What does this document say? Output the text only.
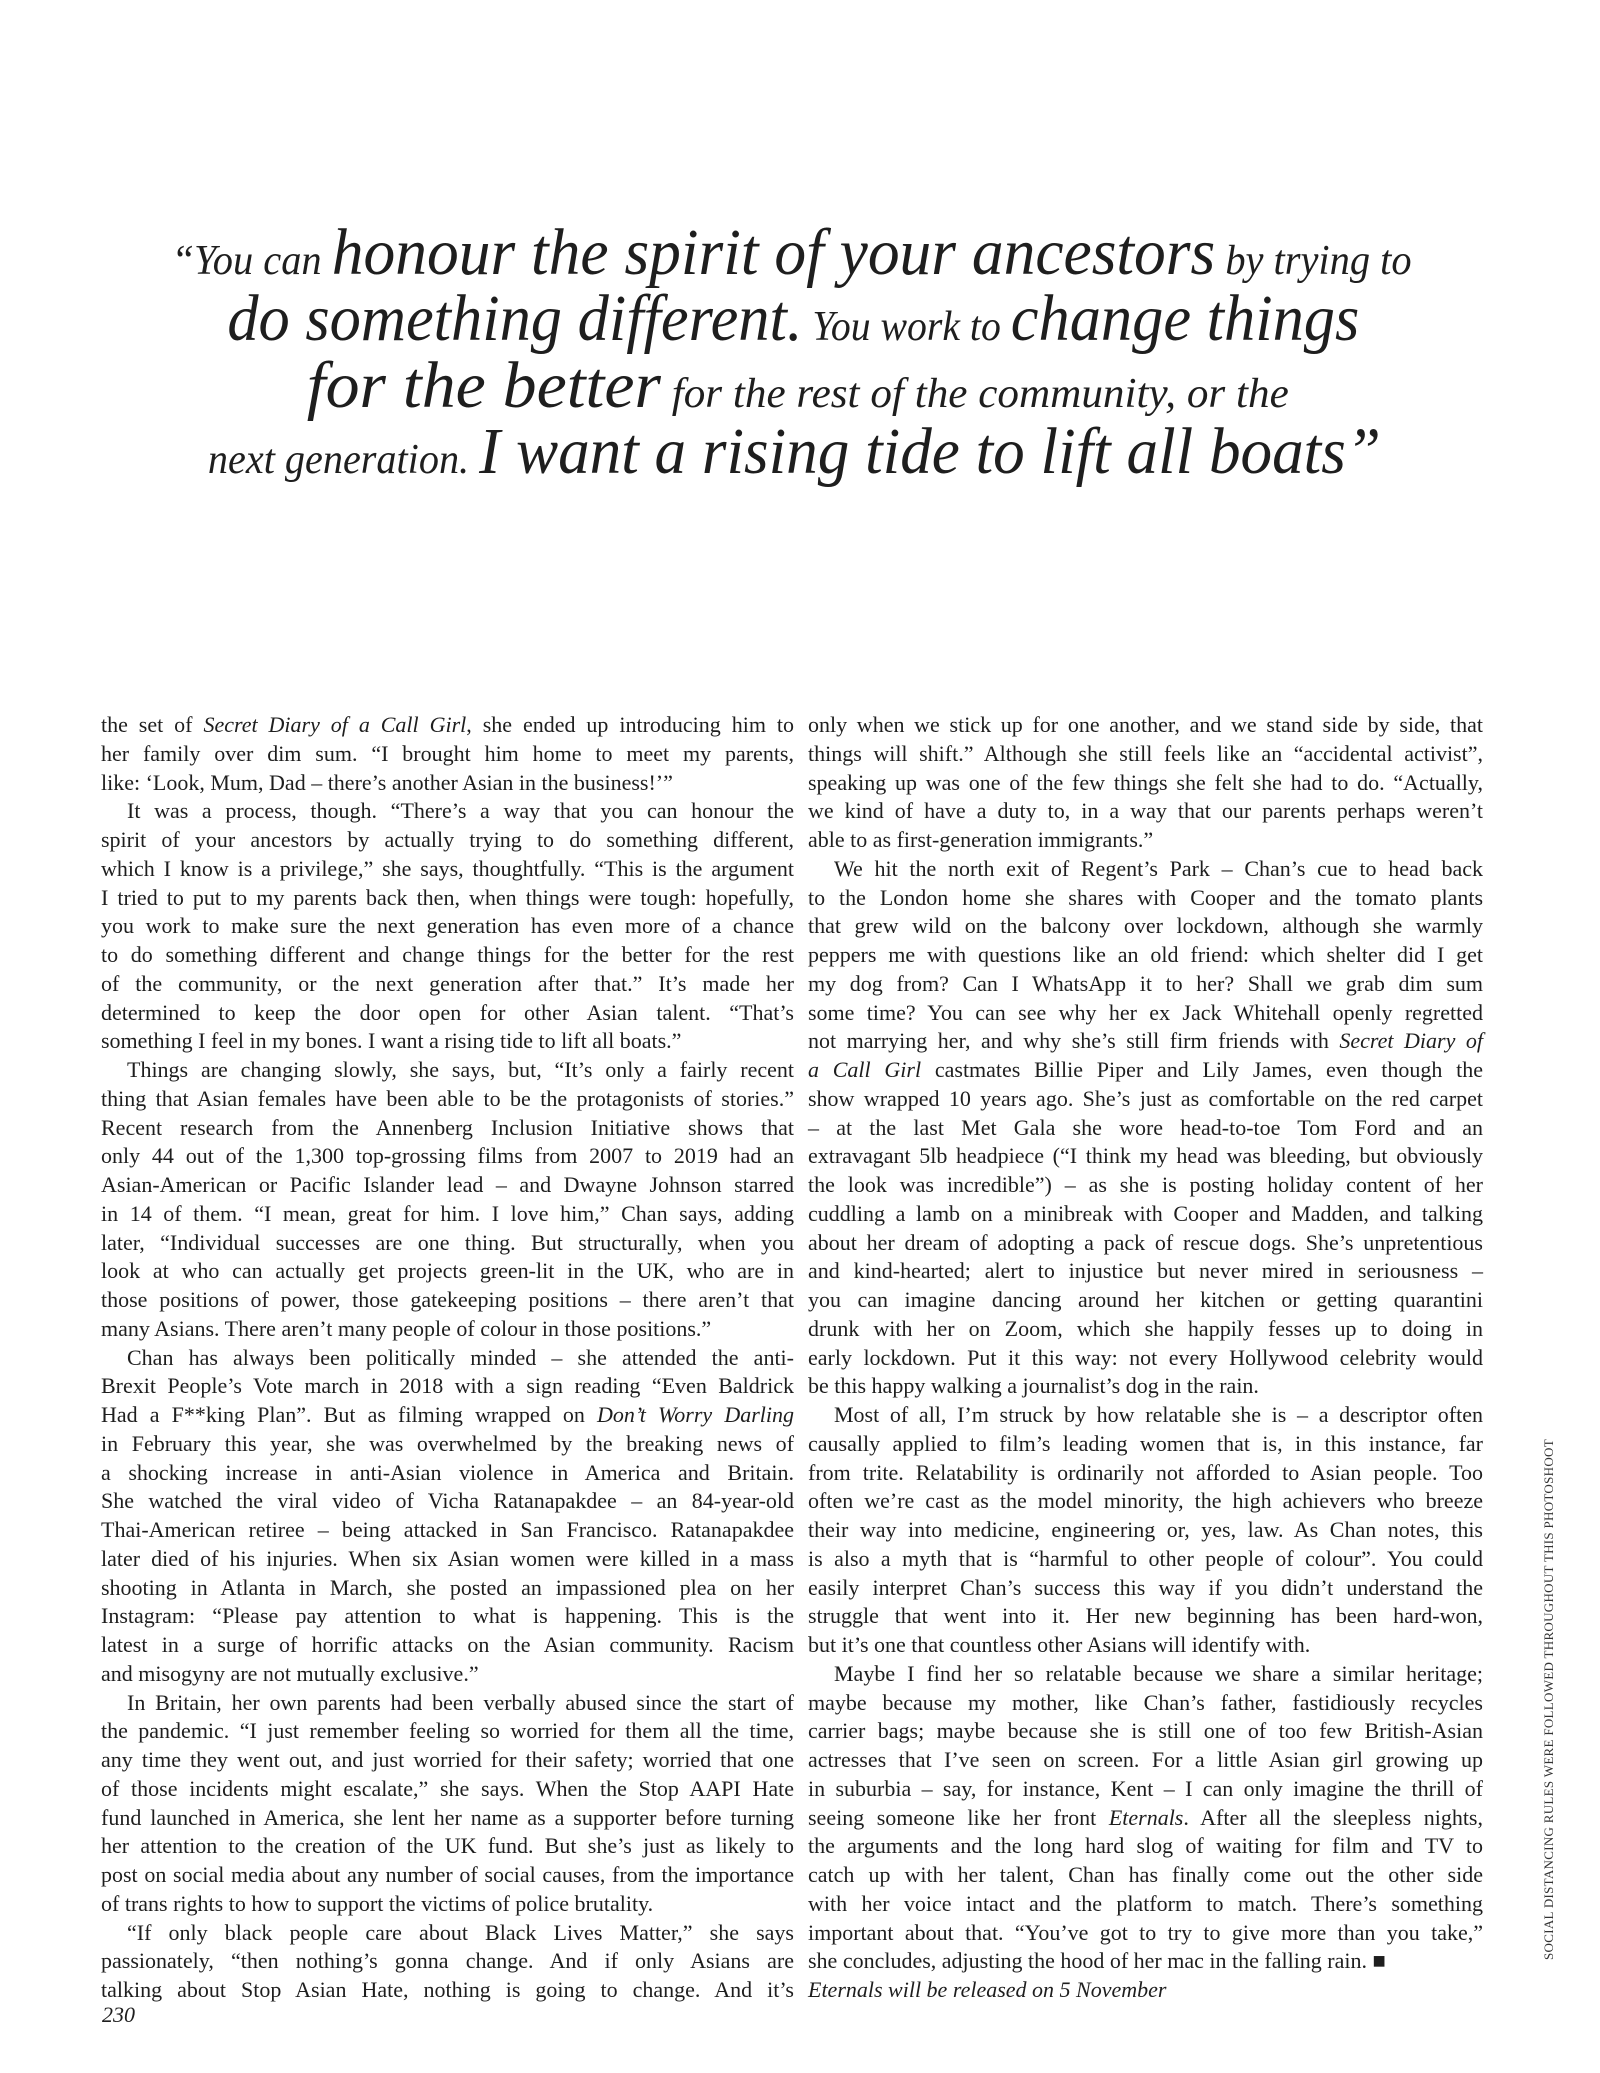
“You can honour the spirit of your ancestors by trying to
do something different. You work to change things
for the better for the rest of the community, or the
next generation. I want a rising tide to lift all boats”
the set of Secret Diary of a Call Girl, she ended up introducing him to
her family over dim sum. “I brought him home to meet my parents,
like: ‘Look, Mum, Dad – there’s another Asian in the business!’”
It was a process, though. “There’s a way that you can honour the
spirit of your ancestors by actually trying to do something different,
which I know is a privilege,” she says, thoughtfully. “This is the argument
I tried to put to my parents back then, when things were tough: hopefully,
you work to make sure the next generation has even more of a chance
to do something different and change things for the better for the rest
of the community, or the next generation after that.” It’s made her
determined to keep the door open for other Asian talent. “That’s
something I feel in my bones. I want a rising tide to lift all boats.”
Things are changing slowly, she says, but, “It’s only a fairly recent
thing that Asian females have been able to be the protagonists of stories.”
Recent research from the Annenberg Inclusion Initiative shows that
only 44 out of the 1,300 top-grossing films from 2007 to 2019 had an
Asian-American or Pacific Islander lead – and Dwayne Johnson starred
in 14 of them. “I mean, great for him. I love him,” Chan says, adding
later, “Individual successes are one thing. But structurally, when you
look at who can actually get projects green-lit in the UK, who are in
those positions of power, those gatekeeping positions – there aren’t that
many Asians. There aren’t many people of colour in those positions.”
Chan has always been politically minded – she attended the anti-
Brexit People’s Vote march in 2018 with a sign reading “Even Baldrick
Had a F**king Plan”. But as filming wrapped on Don’t Worry Darling
in February this year, she was overwhelmed by the breaking news of
a shocking increase in anti-Asian violence in America and Britain.
She watched the viral video of Vicha Ratanapakdee – an 84-year-old
Thai-American retiree – being attacked in San Francisco. Ratanapakdee
later died of his injuries. When six Asian women were killed in a mass
shooting in Atlanta in March, she posted an impassioned plea on her
Instagram: “Please pay attention to what is happening. This is the
latest in a surge of horrific attacks on the Asian community. Racism
and misogyny are not mutually exclusive.”
In Britain, her own parents had been verbally abused since the start of
the pandemic. “I just remember feeling so worried for them all the time,
any time they went out, and just worried for their safety; worried that one
of those incidents might escalate,” she says. When the Stop AAPI Hate
fund launched in America, she lent her name as a supporter before turning
her attention to the creation of the UK fund. But she’s just as likely to
post on social media about any number of social causes, from the importance
of trans rights to how to support the victims of police brutality.
“If only black people care about Black Lives Matter,” she says
passionately, “then nothing’s gonna change. And if only Asians are
talking about Stop Asian Hate, nothing is going to change. And it’s
only when we stick up for one another, and we stand side by side, that
things will shift.” Although she still feels like an “accidental activist”,
speaking up was one of the few things she felt she had to do. “Actually,
we kind of have a duty to, in a way that our parents perhaps weren’t
able to as first-generation immigrants.”
We hit the north exit of Regent’s Park – Chan’s cue to head back
to the London home she shares with Cooper and the tomato plants
that grew wild on the balcony over lockdown, although she warmly
peppers me with questions like an old friend: which shelter did I get
my dog from? Can I WhatsApp it to her? Shall we grab dim sum
some time? You can see why her ex Jack Whitehall openly regretted
not marrying her, and why she’s still firm friends with Secret Diary of
a Call Girl castmates Billie Piper and Lily James, even though the
show wrapped 10 years ago. She’s just as comfortable on the red carpet
– at the last Met Gala she wore head-to-toe Tom Ford and an
extravagant 5lb headpiece (“I think my head was bleeding, but obviously
the look was incredible”) – as she is posting holiday content of her
cuddling a lamb on a minibreak with Cooper and Madden, and talking
about her dream of adopting a pack of rescue dogs. She’s unpretentious
and kind-hearted; alert to injustice but never mired in seriousness –
you can imagine dancing around her kitchen or getting quarantini
drunk with her on Zoom, which she happily fesses up to doing in
early lockdown. Put it this way: not every Hollywood celebrity would
be this happy walking a journalist’s dog in the rain.
Most of all, I’m struck by how relatable she is – a descriptor often
causally applied to film’s leading women that is, in this instance, far
from trite. Relatability is ordinarily not afforded to Asian people. Too
often we’re cast as the model minority, the high achievers who breeze
their way into medicine, engineering or, yes, law. As Chan notes, this
is also a myth that is “harmful to other people of colour”. You could
easily interpret Chan’s success this way if you didn’t understand the
struggle that went into it. Her new beginning has been hard-won,
but it’s one that countless other Asians will identify with.
Maybe I find her so relatable because we share a similar heritage;
maybe because my mother, like Chan’s father, fastidiously recycles
carrier bags; maybe because she is still one of too few British-Asian
actresses that I’ve seen on screen. For a little Asian girl growing up
in suburbia – say, for instance, Kent – I can only imagine the thrill of
seeing someone like her front Eternals. After all the sleepless nights,
the arguments and the long hard slog of waiting for film and TV to
catch up with her talent, Chan has finally come out the other side
with her voice intact and the platform to match. There’s something
important about that. “You’ve got to try to give more than you take,”
she concludes, adjusting the hood of her mac in the falling rain. ■
Eternals will be released on 5 November
230
SOCIAL DISTANCING RULES WERE FOLLOWED THROUGHOUT THIS PHOTOSHOOT
